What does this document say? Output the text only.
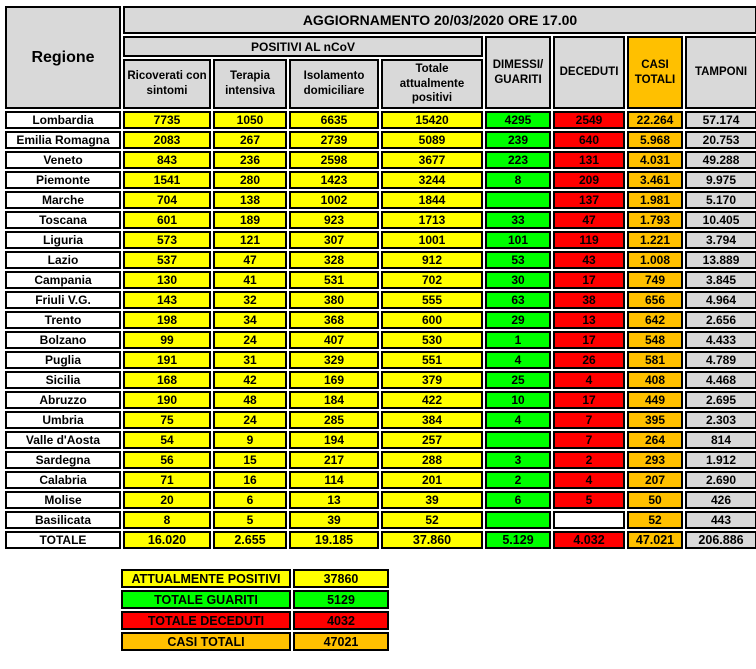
Regione	AGGIORNAMENTO 20/03/2020 ORE 17.00							
	POSITIVI AL nCoV				DIMESSI/ GUARITI	DECEDUTI	CASI TOTALI	TAMPONI
	Ricoverati con sintomi	Terapia intensiva	Isolamento domiciliare	Totale attualmente positivi				
Lombardia	7735	1050	6635	15420	4295	2549	22.264	57.174
Emilia Romagna	2083	267	2739	5089	239	640	5.968	20.753
Veneto	843	236	2598	3677	223	131	4.031	49.288
Piemonte	1541	280	1423	3244	8	209	3.461	9.975
Marche	704	138	1002	1844		137	1.981	5.170
Toscana	601	189	923	1713	33	47	1.793	10.405
Liguria	573	121	307	1001	101	119	1.221	3.794
Lazio	537	47	328	912	53	43	1.008	13.889
Campania	130	41	531	702	30	17	749	3.845
Friuli V.G.	143	32	380	555	63	38	656	4.964
Trento	198	34	368	600	29	13	642	2.656
Bolzano	99	24	407	530	1	17	548	4.433
Puglia	191	31	329	551	4	26	581	4.789
Sicilia	168	42	169	379	25	4	408	4.468
Abruzzo	190	48	184	422	10	17	449	2.695
Umbria	75	24	285	384	4	7	395	2.303
Valle d'Aosta	54	9	194	257		7	264	814
Sardegna	56	15	217	288	3	2	293	1.912
Calabria	71	16	114	201	2	4	207	2.690
Molise	20	6	13	39	6	5	50	426
Basilicata	8	5	39	52			52	443
TOTALE	16.020	2.655	19.185	37.860	5.129	4.032	47.021	206.886
ATTUALMENTE POSITIVI	37860
TOTALE GUARITI	5129
TOTALE DECEDUTI	4032
CASI TOTALI	47021
